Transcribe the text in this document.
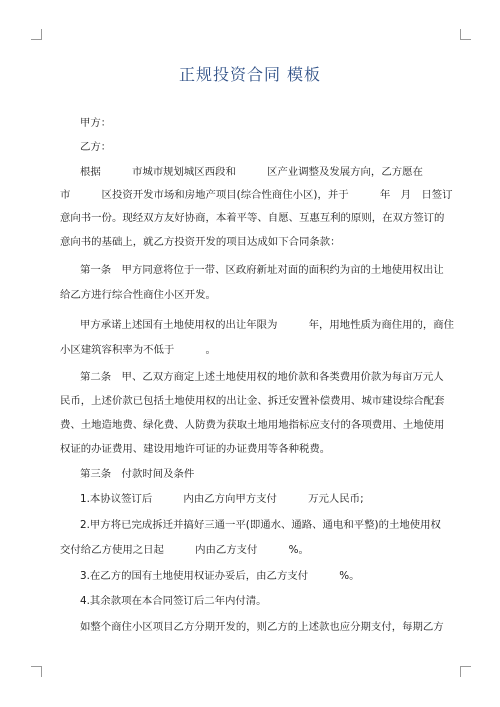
正规投资合同 模板
甲方：
乙方：
根据　　　市城市规划城区西段和　　　区产业调整及发展方向，乙方愿在
市　　　区投资开发市场和房地产项目(综合性商住小区)，并于　　　年　月　日签订
意向书一份。现经双方友好协商，本着平等、自愿、互惠互利的原则，在双方签订的
意向书的基础上，就乙方投资开发的项目达成如下合同条款：
第一条　甲方同意将位于一带、区政府新址对面的面积约为亩的土地使用权出让
给乙方进行综合性商住小区开发。
甲方承诺上述国有土地使用权的出让年限为　　　年，用地性质为商住用的，商住
小区建筑容积率为不低于　　　。
第二条　甲、乙双方商定上述土地使用权的地价款和各类费用价款为每亩万元人
民币，上述价款已包括土地使用权的出让金、拆迁安置补偿费用、城市建设综合配套
费、土地造地费、绿化费、人防费为获取土地用地指标应支付的各项费用、土地使用
权证的办证费用、建设用地许可证的办证费用等各种税费。
第三条　付款时间及条件
1.本协议签订后　　　内由乙方向甲方支付　　　万元人民币;
2.甲方将已完成拆迁并搞好三通一平(即通水、通路、通电和平整)的土地使用权
交付给乙方使用之日起　　　内由乙方支付　　　%。
3.在乙方的国有土地使用权证办妥后，由乙方支付　　　%。
4.其余款项在本合同签订后二年内付清。
如整个商住小区项目乙方分期开发的，则乙方的上述款也应分期支付，每期乙方
